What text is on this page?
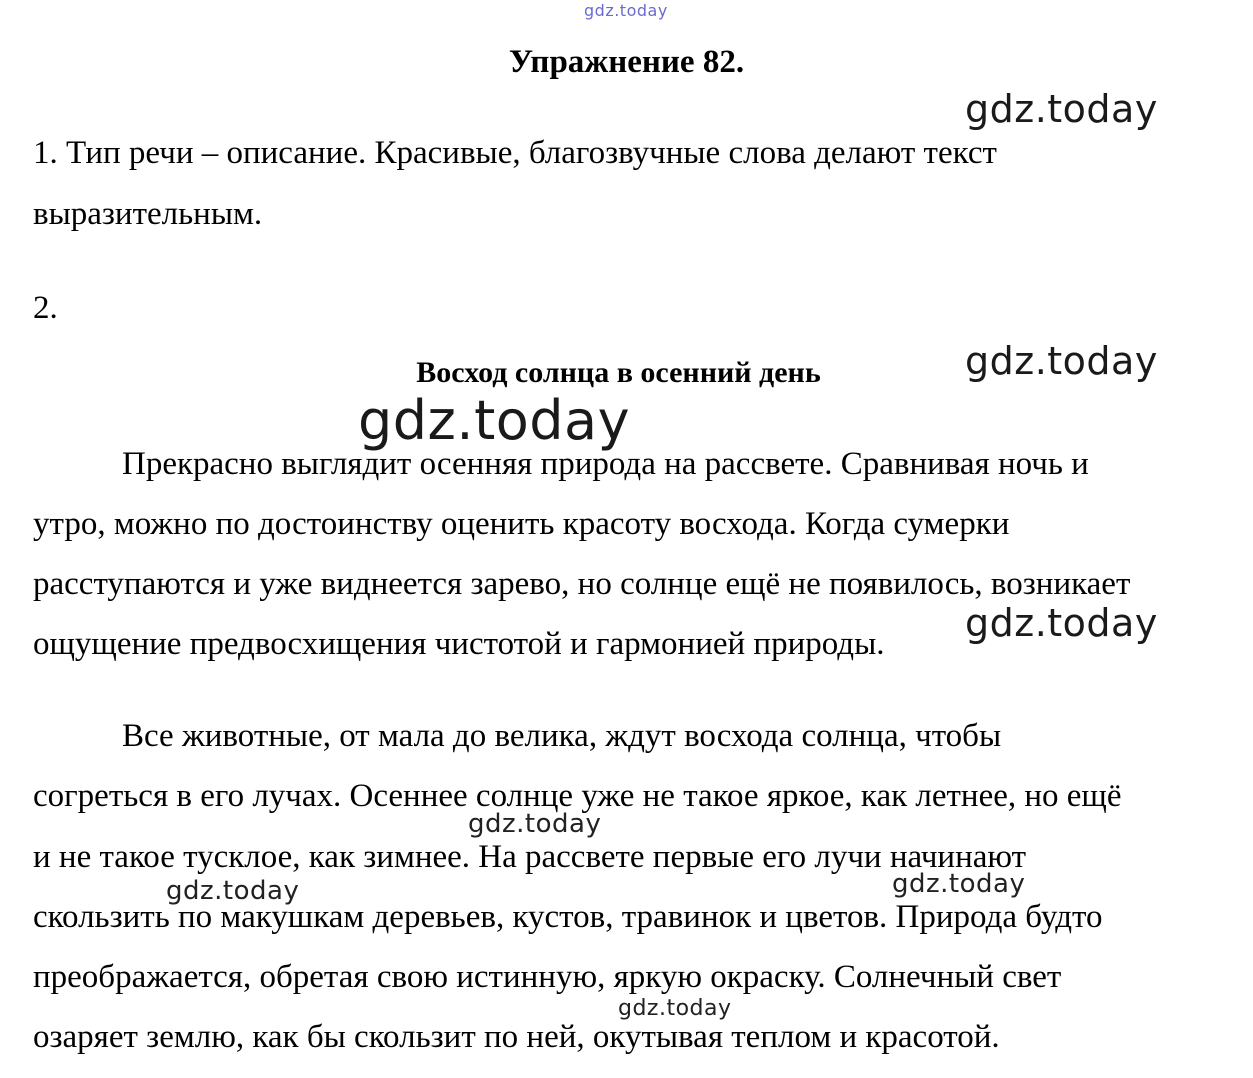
gdz.today
gdz.today
gdz.today
gdz.today
gdz.today
gdz.today
gdz.today	gdz.today
gdz.today
Упражнение 82.

1. Тип речи – описание. Красивые, благозвучные слова делают текст

выразительным.

2.

Восход солнца в осенний день

Прекрасно выглядит осенняя природа на рассвете. Сравнивая ночь и

утро, можно по достоинству оценить красоту восхода. Когда сумерки

расступаются и уже виднеется зарево, но солнце ещё не появилось, возникает

ощущение предвосхищения чистотой и гармонией природы.

Все животные, от мала до велика, ждут восхода солнца, чтобы

согреться в его лучах. Осеннее солнце уже не такое яркое, как летнее, но ещё

и не такое тусклое, как зимнее. На рассвете первые его лучи начинают

скользить по макушкам деревьев, кустов, травинок и цветов. Природа будто

преображается, обретая свою истинную, яркую окраску. Солнечный свет

озаряет землю, как бы скользит по ней, окутывая теплом и красотой.
